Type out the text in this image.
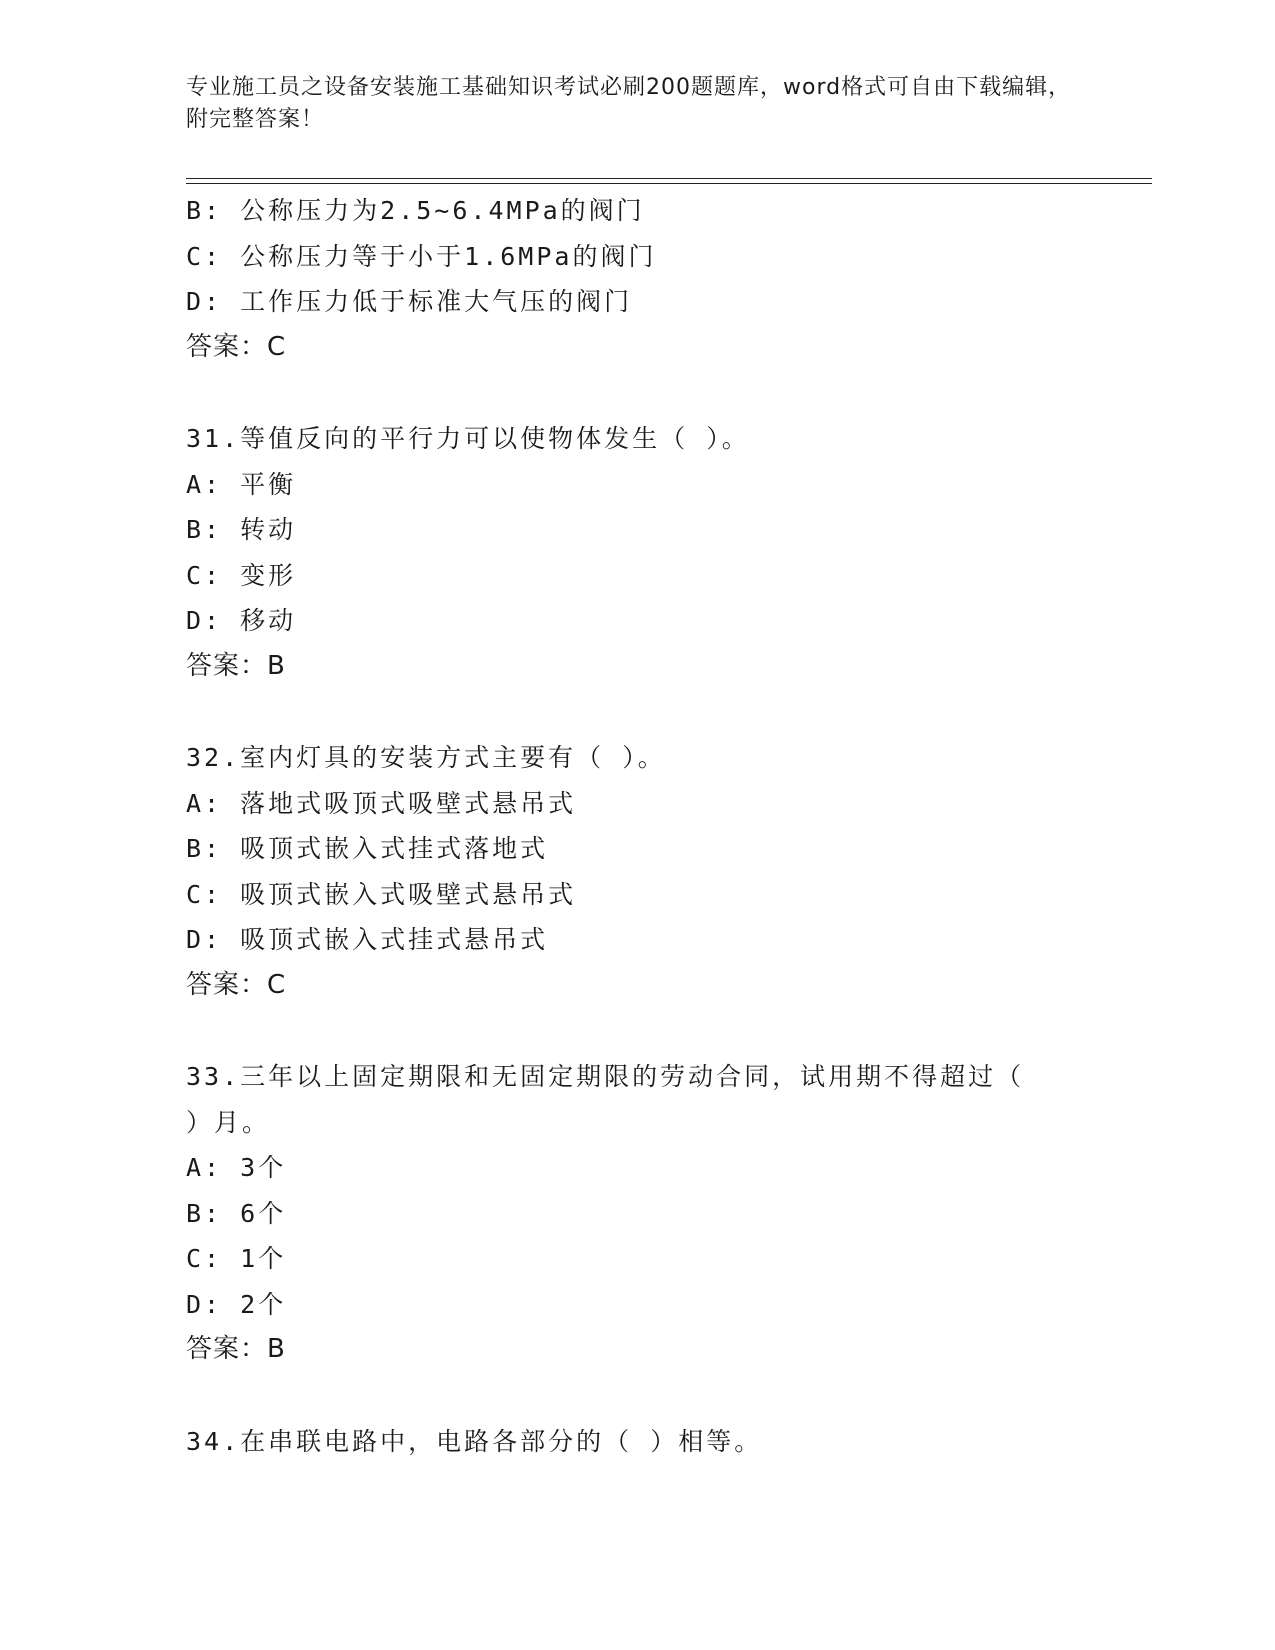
专业施工员之设备安装施工基础知识考试必刷200题题库，word格式可自由下载编辑，附完整答案！
B: 公称压力为2.5~6.4MPa的阀门
C: 公称压力等于小于1.6MPa的阀门
D: 工作压力低于标准大气压的阀门
答案：C
31.等值反向的平行力可以使物体发生（ ）。
A: 平衡
B: 转动
C: 变形
D: 移动
答案：B
32.室内灯具的安装方式主要有（ ）。
A: 落地式吸顶式吸壁式悬吊式
B: 吸顶式嵌入式挂式落地式
C: 吸顶式嵌入式吸壁式悬吊式
D: 吸顶式嵌入式挂式悬吊式
答案：C
33.三年以上固定期限和无固定期限的劳动合同，试用期不得超过（ ）月。
A: 3个
B: 6个
C: 1个
D: 2个
答案：B
34.在串联电路中，电路各部分的（ ）相等。
